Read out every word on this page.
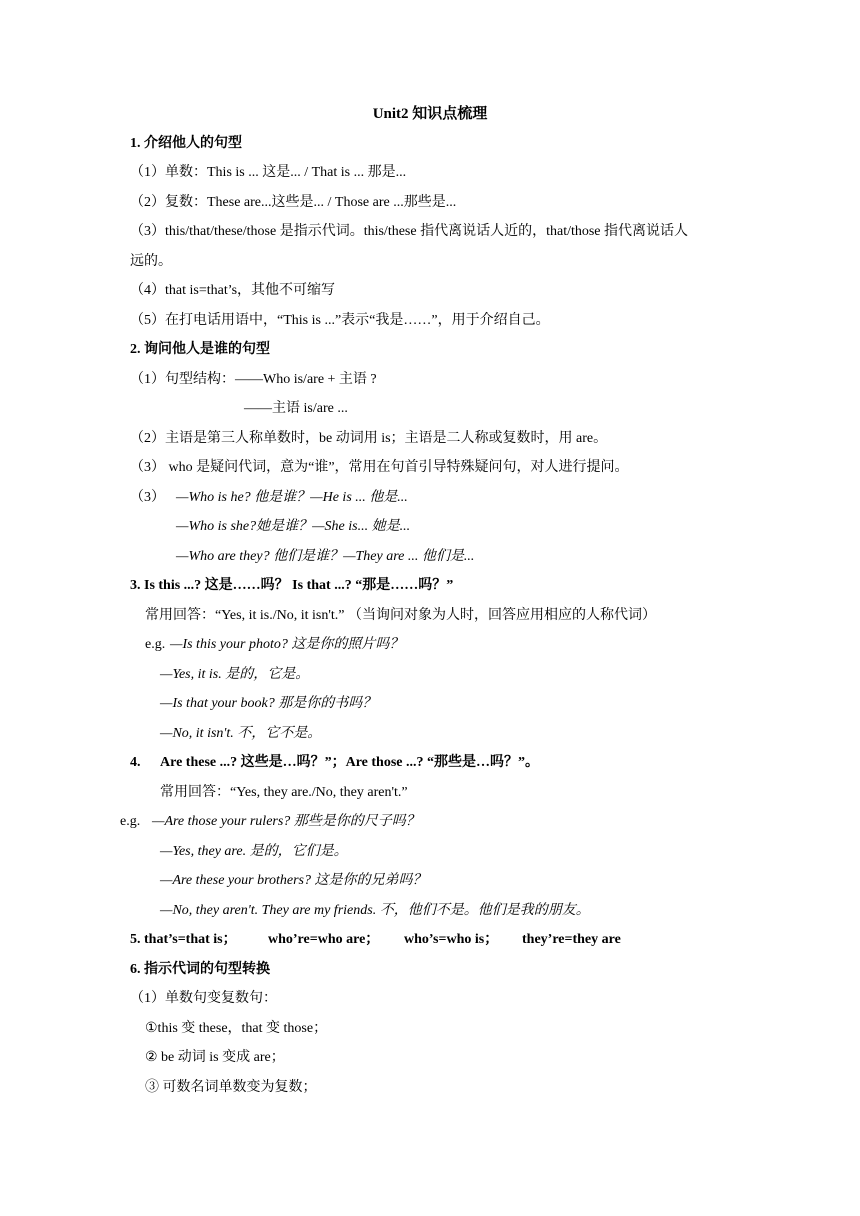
Unit2 知识点梳理
1. 介绍他人的句型
（1）单数：This is ... 这是... / That is ... 那是...
（2）复数：These are...这些是... / Those are ...那些是...
（3）this/that/these/those 是指示代词。this/these 指代离说话人近的，that/those 指代离说话人
远的。
（4）that is=that’s，其他不可缩写
（5）在打电话用语中，“This is ...”表示“我是……”，用于介绍自己。
2. 询问他人是谁的句型
（1）句型结构：——Who is/are + 主语 ?
——主语 is/are ...
（2）主语是第三人称单数时，be 动词用 is；主语是二人称或复数时，用 are。
（3） who 是疑问代词，意为“谁”，常用在句首引导特殊疑问句，对人进行提问。
（3） —Who is he? 他是谁？—He is ... 他是...
—Who is she?她是谁？—She is... 她是...
—Who are they? 他们是谁？—They are ... 他们是...
3. Is this ...? 这是……吗？ Is that ...? “那是……吗？”
常用回答：“Yes, it is./No, it isn't.” （当询问对象为人时，回答应用相应的人称代词）
e.g. —Is this your photo? 这是你的照片吗？
—Yes, it is. 是的，它是。
—Is that your book? 那是你的书吗？
—No, it isn't. 不，它不是。
4. Are these ...? 这些是…吗？”；Are those ...? “那些是…吗？”。
常用回答：“Yes, they are./No, they aren't.”
e.g. —Are those your rulers? 那些是你的尺子吗？
—Yes, they are. 是的，它们是。
—Are these your brothers? 这是你的兄弟吗？
—No, they aren't. They are my friends. 不，他们不是。他们是我的朋友。
5. that’s=that is； who’re=who are； who’s=who is； they’re=they are
6. 指示代词的句型转换
（1）单数句变复数句：
①this 变 these，that 变 those；
② be 动词 is 变成 are；
③ 可数名词单数变为复数；
